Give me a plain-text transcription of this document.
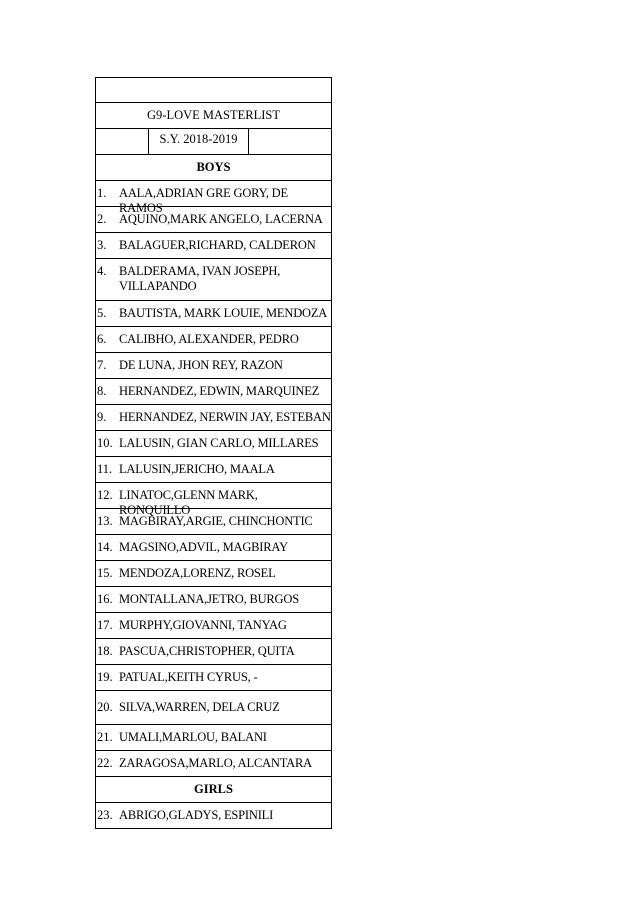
G9-LOVE MASTERLIST
S.Y. 2018-2019
BOYS
1.	AALA,ADRIAN GRE GORY, DE RAMOS
2.	AQUINO,MARK ANGELO, LACERNA
3.	BALAGUER,RICHARD, CALDERON
4.	BALDERAMA, IVAN JOSEPH, VILLAPANDO
5.	BAUTISTA, MARK LOUIE, MENDOZA
6.	CALIBHO, ALEXANDER, PEDRO
7.	DE LUNA, JHON REY, RAZON
8.	HERNANDEZ, EDWIN, MARQUINEZ
9.	HERNANDEZ, NERWIN JAY, ESTEBAN
10. LALUSIN, GIAN CARLO, MILLARES
11. LALUSIN,JERICHO, MAALA
12. LINATOC,GLENN MARK, RONQUILLO
13. MAGBIRAY,ARGIE, CHINCHONTIC
14. MAGSINO,ADVIL, MAGBIRAY
15. MENDOZA,LORENZ, ROSEL
16. MONTALLANA,JETRO, BURGOS
17. MURPHY,GIOVANNI, TANYAG
18. PASCUA,CHRISTOPHER, QUITA
19. PATUAL,KEITH CYRUS, -
20. SILVA,WARREN, DELA CRUZ
21. UMALI,MARLOU, BALANI
22. ZARAGOSA,MARLO, ALCANTARA
GIRLS
23. ABRIGO,GLADYS, ESPINILI
